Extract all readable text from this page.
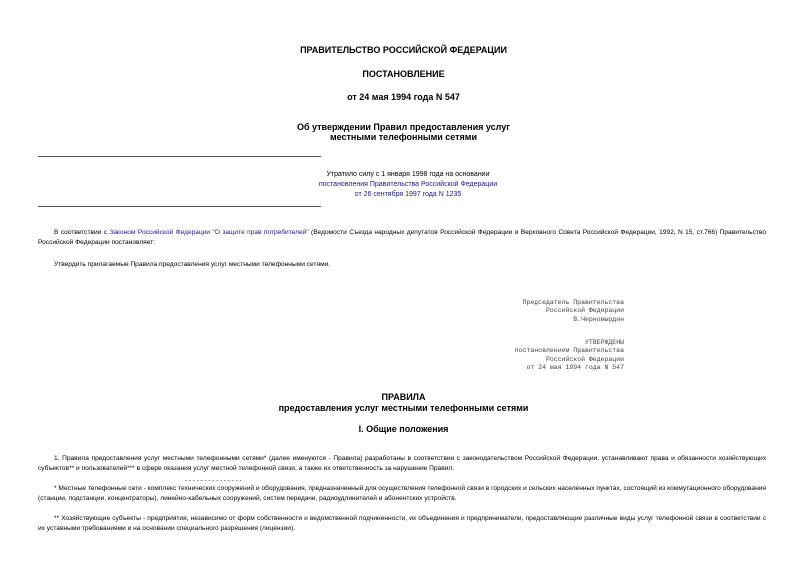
ПРАВИТЕЛЬСТВО РОССИЙСКОЙ ФЕДЕРАЦИИ
ПОСТАНОВЛЕНИЕ
от 24 мая 1994 года N 547
Об утверждении Правил предоставления услуг
местными телефонными сетями
Утратило силу с 1 января 1998 года на основании
постановления Правительства Российской Федерации
от 26 сентября 1997 года N 1235
В соответствии с Законом Российской Федерации "О защите прав потребителей" (Ведомости Съезда народных депутатов Российской Федерации и Верховного Совета Российской Федерации, 1992, N 15, ст.766) Правительство Российской Федерации постановляет:
Утвердить прилагаемые Правила предоставления услуг местными телефонными сетями.
Председатель Правительства
Российской Федерации
В.Черномырдин
УТВЕРЖДЕНЫ
постановлением Правительства
Российской Федерации
от 24 мая 1994 года N 547
ПРАВИЛА
предоставления услуг местными телефонными сетями
I. Общие положения
1. Правила предоставления услуг местными телефонными сетями* (далее именуются - Правила) разработаны в соответствии с законодательством Российской Федерации, устанавливают права и обязанности хозяйствующих субъектов** и пользователей*** в сфере оказания услуг местной телефонной связи, а также их ответственность за нарушение Правил.
---------------
* Местные телефонные сети - комплекс технических сооружений и оборудования, предназначенный для осуществления телефонной связи в городских и сельских населенных пунктах, состоящий из коммутационного оборудования (станции, подстанции, концентраторы), линейно-кабельных сооружений, систем передачи, радиоудлинителей и абонентских устройств.
** Хозяйствующие субъекты - предприятия, независимо от форм собственности и ведомственной подчиненности, их объединения и предприниматели, предоставляющие различные виды услуг телефонной связи в соответствии с их уставными требованиями и на основании специального разрешения (лицензии).
